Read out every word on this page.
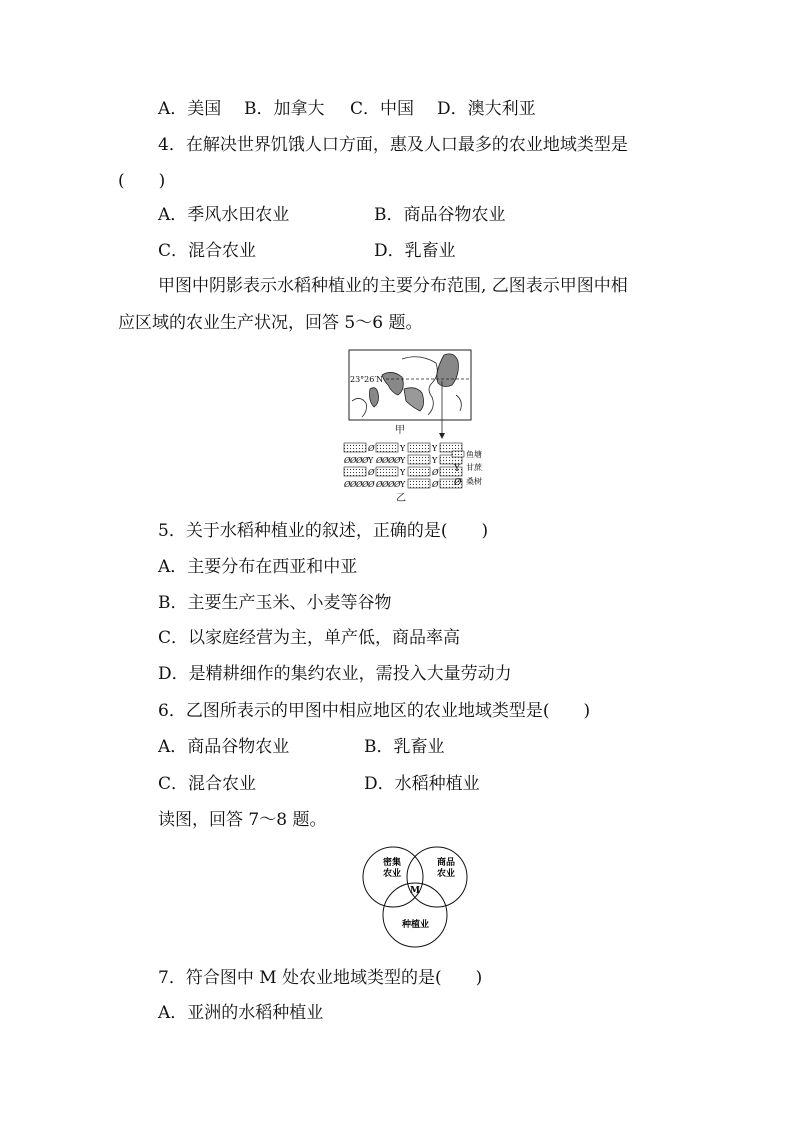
A．美国 B．加拿大 C．中国 D．澳大利亚
4．在解决世界饥饿人口方面，惠及人口最多的农业地域类型是
(　　)
A．季风水田农业	B．商品谷物农业
C．混合农业	D．乳畜业
甲图中阴影表示水稻种植业的主要分布范围, 乙图表示甲图中相
应区域的农业生产状况，回答 5～6 题。
23°26′N
甲
Ø	Y	Y
Ø Ø Ø Ø Y Ø Ø Ø Ø Y	Y
Ø	Y	Ø
Ø Ø Ø Ø Ø Ø Ø Ø Ø Y	Ø
乙
鱼塘
Y 甘蔗
Ø 桑树
5．关于水稻种植业的叙述，正确的是(　　)
A．主要分布在西亚和中亚
B．主要生产玉米、小麦等谷物
C．以家庭经营为主，单产低，商品率高
D．是精耕细作的集约农业，需投入大量劳动力
6．乙图所表示的甲图中相应地区的农业地域类型是(　　)
A．商品谷物农业	B．乳畜业
C．混合农业	D．水稻种植业
读图，回答 7～8 题。
密集
农业
商品
农业
M
种植业
7．符合图中 M 处农业地域类型的是(　　)
A．亚洲的水稻种植业
